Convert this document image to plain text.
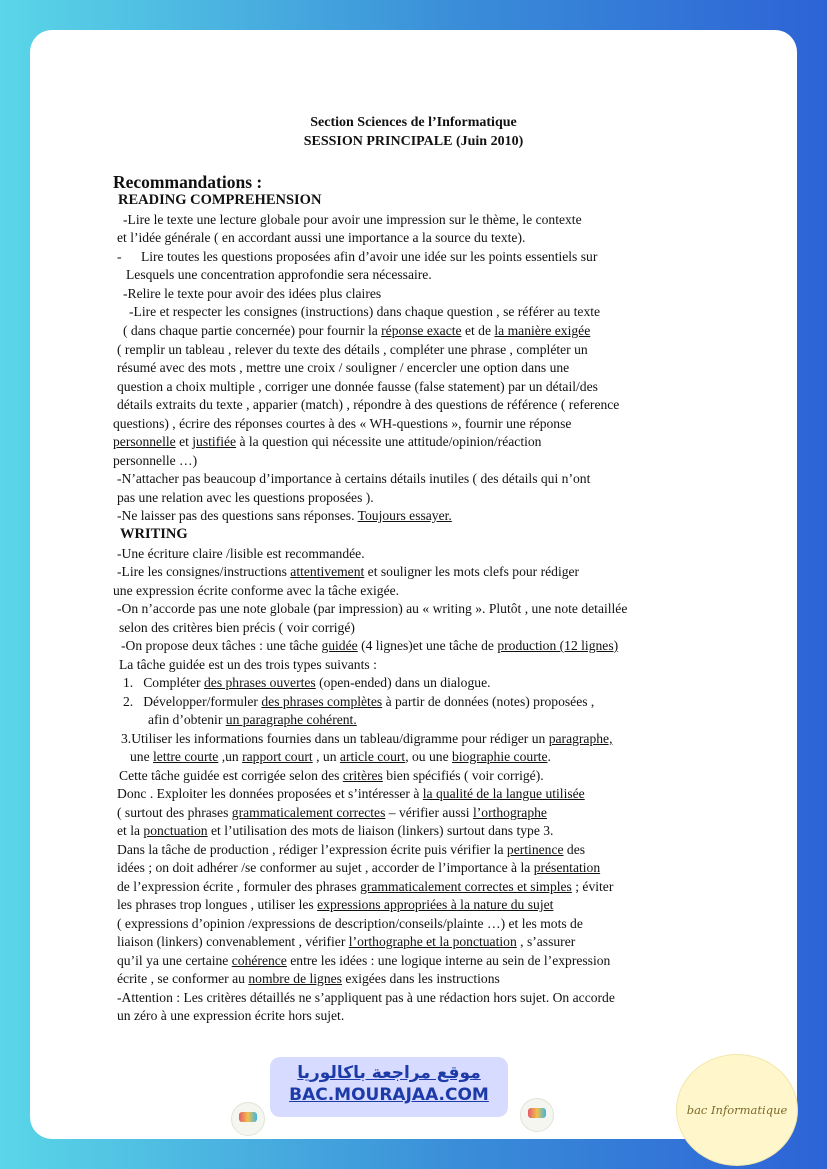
Section Sciences de l’Informatique
SESSION PRINCIPALE (Juin 2010)
Recommandations :
READING COMPREHENSION
-Lire le texte une lecture globale pour avoir une impression sur le thème, le contexte
et l’idée générale ( en accordant aussi une importance a la source du texte).
- Lire toutes les questions proposées afin d’avoir une idée sur les points essentiels sur
Lesquels une concentration approfondie sera nécessaire.
-Relire le texte pour avoir des idées plus claires
-Lire et respecter les consignes (instructions) dans chaque question , se référer au texte
( dans chaque partie concernée) pour fournir la réponse exacte et de la manière exigée
( remplir un tableau , relever du texte des détails , compléter une phrase , compléter un
résumé avec des mots , mettre une croix / souligner / encercler une option dans une
question a choix multiple , corriger une donnée fausse (false statement) par un détail/des
détails extraits du texte , apparier (match) , répondre à des questions de référence ( reference
questions) , écrire des réponses courtes à des « WH-questions », fournir une réponse
personnelle et justifiée à la question qui nécessite une attitude/opinion/réaction
personnelle …)
-N’attacher pas beaucoup d’importance à certains détails inutiles ( des détails qui n’ont
pas une relation avec les questions proposées ).
-Ne laisser pas des questions sans réponses. Toujours essayer.
WRITING
-Une écriture claire /lisible est recommandée.
-Lire les consignes/instructions attentivement et souligner les mots clefs pour rédiger
une expression écrite conforme avec la tâche exigée.
-On n’accorde pas une note globale (par impression) au « writing ». Plutôt , une note detaillée
selon des critères bien précis ( voir corrigé)
-On propose deux tâches : une tâche guidée (4 lignes)et une tâche de production (12 lignes)
La tâche guidée est un des trois types suivants :
1. Compléter des phrases ouvertes (open-ended) dans un dialogue.
2. Développer/formuler des phrases complètes à partir de données (notes) proposées ,
afin d’obtenir un paragraphe cohérent.
3.Utiliser les informations fournies dans un tableau/digramme pour rédiger un paragraphe,
une lettre courte ,un rapport court , un article court, ou une biographie courte.
Cette tâche guidée est corrigée selon des critères bien spécifiés ( voir corrigé).
Donc . Exploiter les données proposées et s’intéresser à la qualité de la langue utilisée
( surtout des phrases grammaticalement correctes – vérifier aussi l’orthographe
et la ponctuation et l’utilisation des mots de liaison (linkers) surtout dans type 3.
Dans la tâche de production , rédiger l’expression écrite puis vérifier la pertinence des
idées ; on doit adhérer /se conformer au sujet , accorder de l’importance à la présentation
de l’expression écrite , formuler des phrases grammaticalement correctes et simples ; éviter
les phrases trop longues , utiliser les expressions appropriées à la nature du sujet
( expressions d’opinion /expressions de description/conseils/plainte …) et les mots de
liaison (linkers) convenablement , vérifier l’orthographe et la ponctuation , s’assurer
qu’il ya une certaine cohérence entre les idées : une logique interne au sein de l’expression
écrite , se conformer au nombre de lignes exigées dans les instructions
-Attention : Les critères détaillés ne s’appliquent pas à une rédaction hors sujet. On accorde
un zéro à une expression écrite hors sujet.
موقع مراجعة باكالوريا
BAC.MOURAJAA.COM
bac Informatique
